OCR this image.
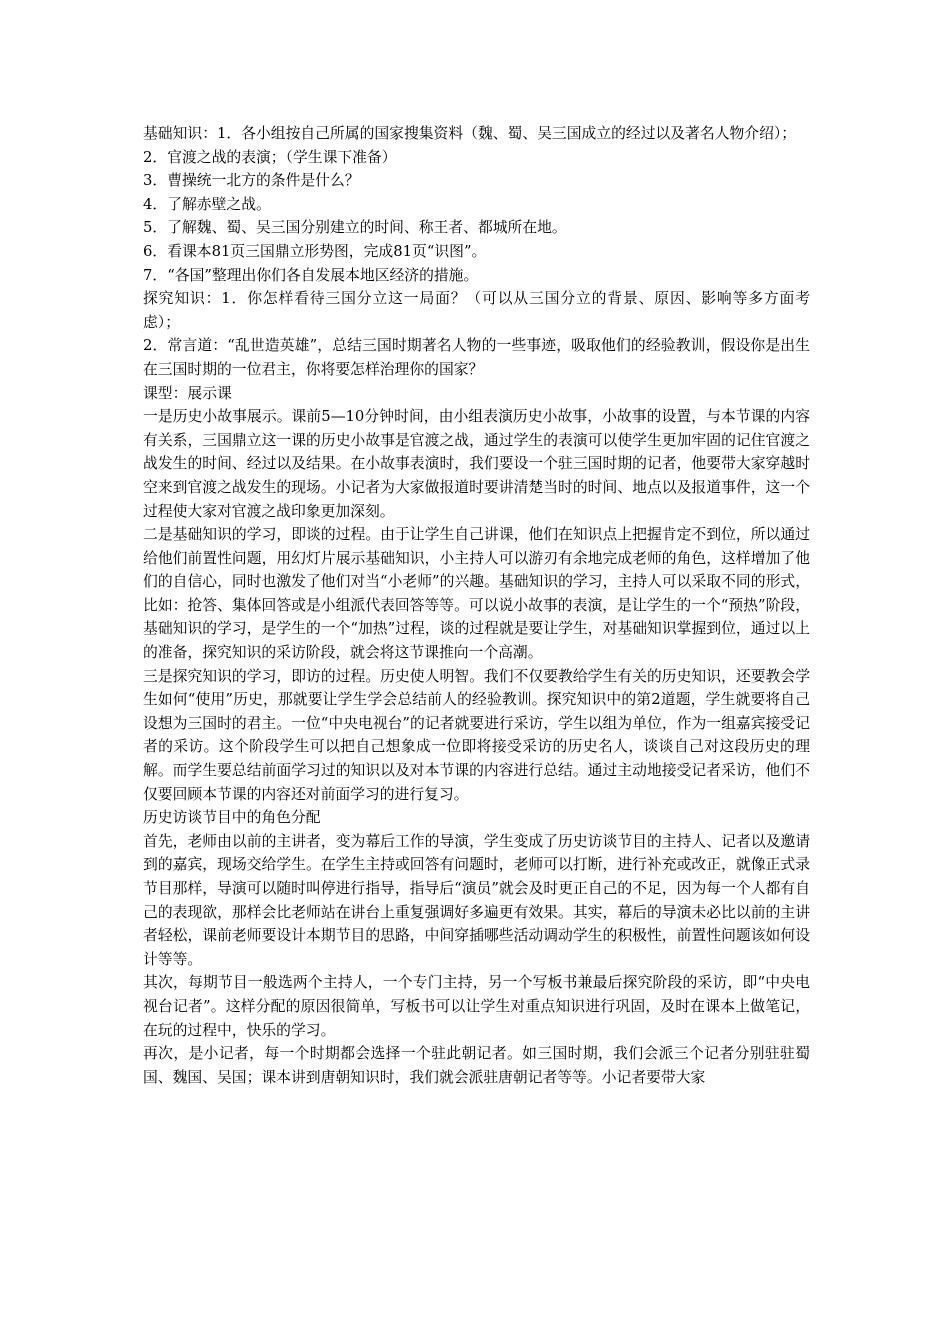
基础知识：1．各小组按自己所属的国家搜集资料（魏、蜀、吴三国成立的经过以及著名人物介绍）；

2．官渡之战的表演；（学生课下准备）

3．曹操统一北方的条件是什么？

4．了解赤壁之战。

5．了解魏、蜀、吴三国分别建立的时间、称王者、都城所在地。

6．看课本81页三国鼎立形势图，完成81页“识图”。

7．“各国”整理出你们各自发展本地区经济的措施。

探究知识：1．你怎样看待三国分立这一局面？（可以从三国分立的背景、原因、影响等多方面考虑）；

2．常言道：“乱世造英雄”，总结三国时期著名人物的一些事迹，吸取他们的经验教训，假设你是出生在三国时期的一位君主，你将要怎样治理你的国家？

课型：展示课

一是历史小故事展示。课前5—10分钟时间，由小组表演历史小故事，小故事的设置，与本节课的内容有关系，三国鼎立这一课的历史小故事是官渡之战，通过学生的表演可以使学生更加牢固的记住官渡之战发生的时间、经过以及结果。在小故事表演时，我们要设一个驻三国时期的记者，他要带大家穿越时空来到官渡之战发生的现场。小记者为大家做报道时要讲清楚当时的时间、地点以及报道事件，这一个过程使大家对官渡之战印象更加深刻。

二是基础知识的学习，即谈的过程。由于让学生自己讲课，他们在知识点上把握肯定不到位，所以通过给他们前置性问题，用幻灯片展示基础知识，小主持人可以游刃有余地完成老师的角色，这样增加了他们的自信心，同时也激发了他们对当“小老师”的兴趣。基础知识的学习，主持人可以采取不同的形式，比如：抢答、集体回答或是小组派代表回答等等。可以说小故事的表演，是让学生的一个“预热”阶段，基础知识的学习，是学生的一个“加热”过程，谈的过程就是要让学生，对基础知识掌握到位，通过以上的准备，探究知识的采访阶段，就会将这节课推向一个高潮。

三是探究知识的学习，即访的过程。历史使人明智。我们不仅要教给学生有关的历史知识，还要教会学生如何“使用”历史，那就要让学生学会总结前人的经验教训。探究知识中的第2道题，学生就要将自己设想为三国时的君主。一位“中央电视台”的记者就要进行采访，学生以组为单位，作为一组嘉宾接受记者的采访。这个阶段学生可以把自己想象成一位即将接受采访的历史名人，谈谈自己对这段历史的理解。而学生要总结前面学习过的知识以及对本节课的内容进行总结。通过主动地接受记者采访，他们不仅要回顾本节课的内容还对前面学习的进行复习。

历史访谈节目中的角色分配

首先，老师由以前的主讲者，变为幕后工作的导演，学生变成了历史访谈节目的主持人、记者以及邀请到的嘉宾，现场交给学生。在学生主持或回答有问题时，老师可以打断，进行补充或改正，就像正式录节目那样，导演可以随时叫停进行指导，指导后“演员”就会及时更正自己的不足，因为每一个人都有自己的表现欲，那样会比老师站在讲台上重复强调好多遍更有效果。其实，幕后的导演未必比以前的主讲者轻松，课前老师要设计本期节目的思路，中间穿插哪些活动调动学生的积极性，前置性问题该如何设计等等。

其次，每期节目一般选两个主持人，一个专门主持，另一个写板书兼最后探究阶段的采访，即“中央电视台记者”。这样分配的原因很简单，写板书可以让学生对重点知识进行巩固，及时在课本上做笔记，在玩的过程中，快乐的学习。

再次，是小记者，每一个时期都会选择一个驻此朝记者。如三国时期，我们会派三个记者分别驻驻蜀国、魏国、吴国；课本讲到唐朝知识时，我们就会派驻唐朝记者等等。小记者要带大家
